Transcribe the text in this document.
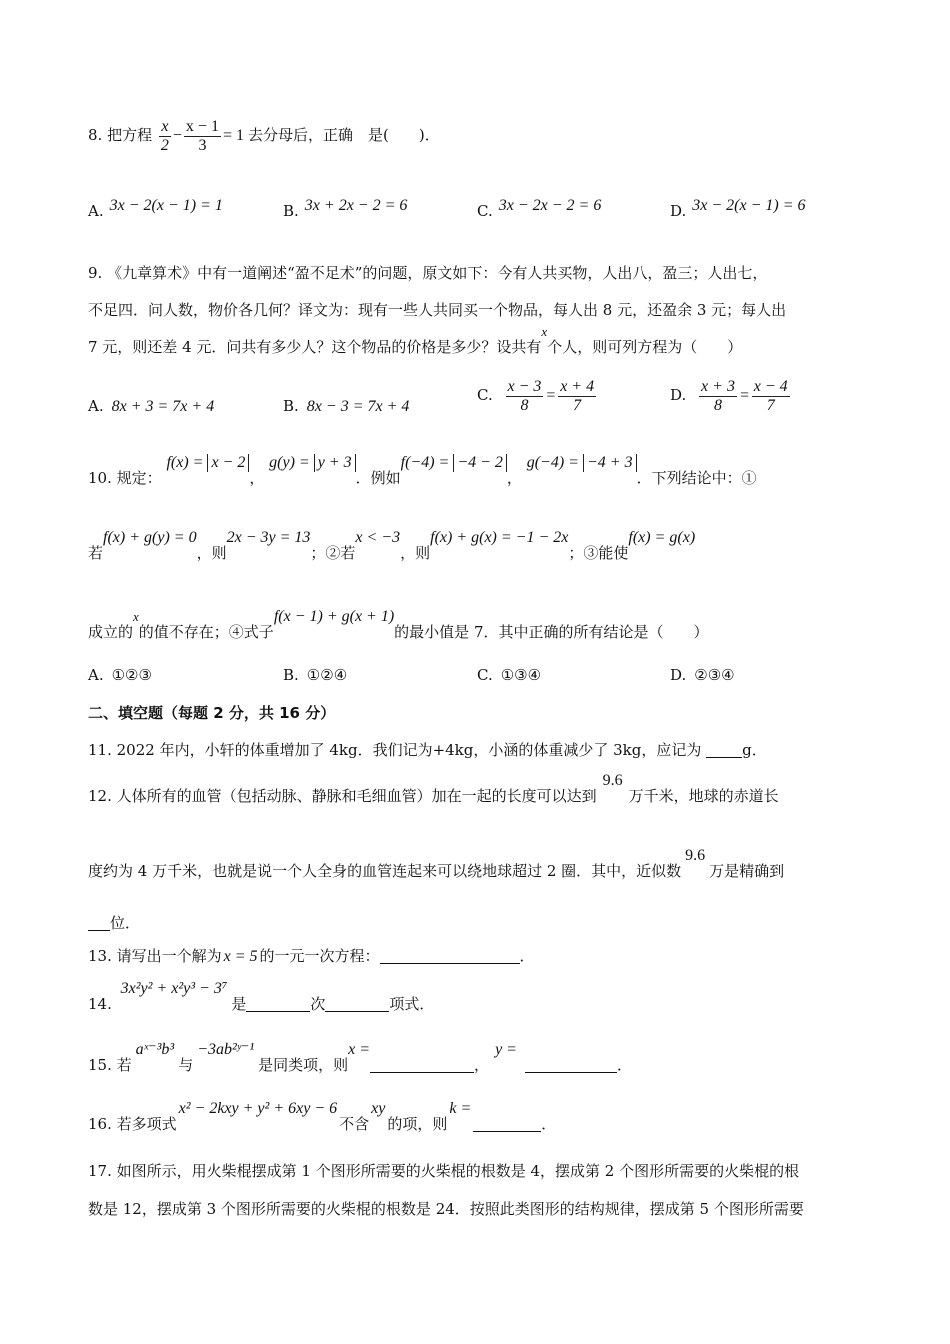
8. 把方程 $\frac{x}{2} - \frac{x - 1}{3} = 1$ 去分母后，正确　是(　　)．
A. 3x − 2(x − 1) = 1	B. 3x + 2x − 2 = 6	C. 3x − 2x − 2 = 6	D. 3x − 2(x − 1) = 6
9. 《九章算术》中有一道阐述“盈不足术”的问题，原文如下：今有人共买物，人出八，盈三；人出七，
不足四．问人数，物价各几何？译文为：现有一些人共同买一个物品，每人出 8 元，还盈余 3 元；每人出
7 元，则还差 4 元．问共有多少人？这个物品的价格是多少？设共有x个人，则可列方程为（　　）
A. 8x + 3 = 7x + 4	B. 8x − 3 = 7x + 4
C. $\frac{x - 3}{8} = \frac{x + 4}{7}$	D. $\frac{x + 3}{8} = \frac{x - 4}{7}$
10. 规定： f(x) = x − 2， g(y) = y + 3．例如f(−4) = −4 − 2， g(−4) = −4 + 3．下列结论中：①
若f(x) + g(y) = 0，则2x − 3y = 13；②若x < −3，则f(x) + g(x) = −1 − 2x；③能使f(x) = g(x)
成立的x的值不存在；④式子f(x − 1) + g(x + 1)的最小值是 7．其中正确的所有结论是（　　）
A. ①②③	B. ①②④	C. ①③④	D. ②③④
二、填空题（每题 2 分，共 16 分）
11. 2022 年内，小轩的体重增加了 4kg．我们记为+4kg，小涵的体重减少了 3kg，应记为	g．
12. 人体所有的血管（包括动脉、静脉和毛细血管）加在一起的长度可以达到9.6万千米，地球的赤道长
度约为 4 万千米，也就是说一个人全身的血管连起来可以绕地球超过 2 圈．其中，近似数9.6万是精确到
位．
13. 请写出一个解为 x = 5 的一元一次方程：	．
14. 3x²y² + x²y³ − 3⁷是	次	项式．
15. 若aˣ⁻³b³与−3ab²ʸ⁻¹是同类项，则x =，y =．
16. 若多项式x² − 2kxy + y² + 6xy − 6不含xy的项，则k =．
17. 如图所示，用火柴棍摆成第 1 个图形所需要的火柴棍的根数是 4，摆成第 2 个图形所需要的火柴棍的根
数是 12，摆成第 3 个图形所需要的火柴棍的根数是 24．按照此类图形的结构规律，摆成第 5 个图形所需要
